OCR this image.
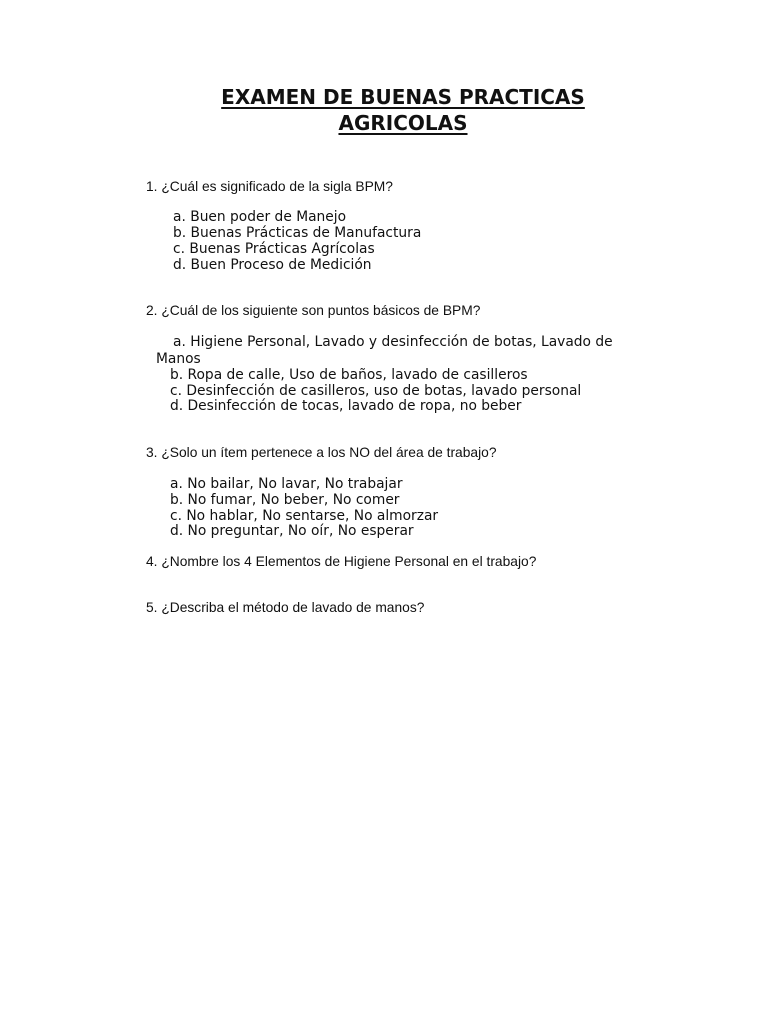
EXAMEN DE BUENAS PRACTICAS
AGRICOLAS
1. ¿Cuál es significado de la sigla BPM?
a. Buen poder de Manejo
b. Buenas Prácticas de Manufactura
c. Buenas Prácticas Agrícolas
d. Buen Proceso de Medición
2. ¿Cuál de los siguiente son puntos básicos de BPM?
a. Higiene Personal, Lavado y desinfección de botas, Lavado de
Manos
b. Ropa de calle, Uso de baños, lavado de casilleros
c. Desinfección de casilleros, uso de botas, lavado personal
d. Desinfección de tocas, lavado de ropa, no beber
3. ¿Solo un ítem pertenece a los NO del área de trabajo?
a. No bailar, No lavar, No trabajar
b. No fumar, No beber, No comer
c. No hablar, No sentarse, No almorzar
d. No preguntar, No oír, No esperar
4. ¿Nombre los 4 Elementos de Higiene Personal en el trabajo?
5. ¿Describa el método de lavado de manos?
